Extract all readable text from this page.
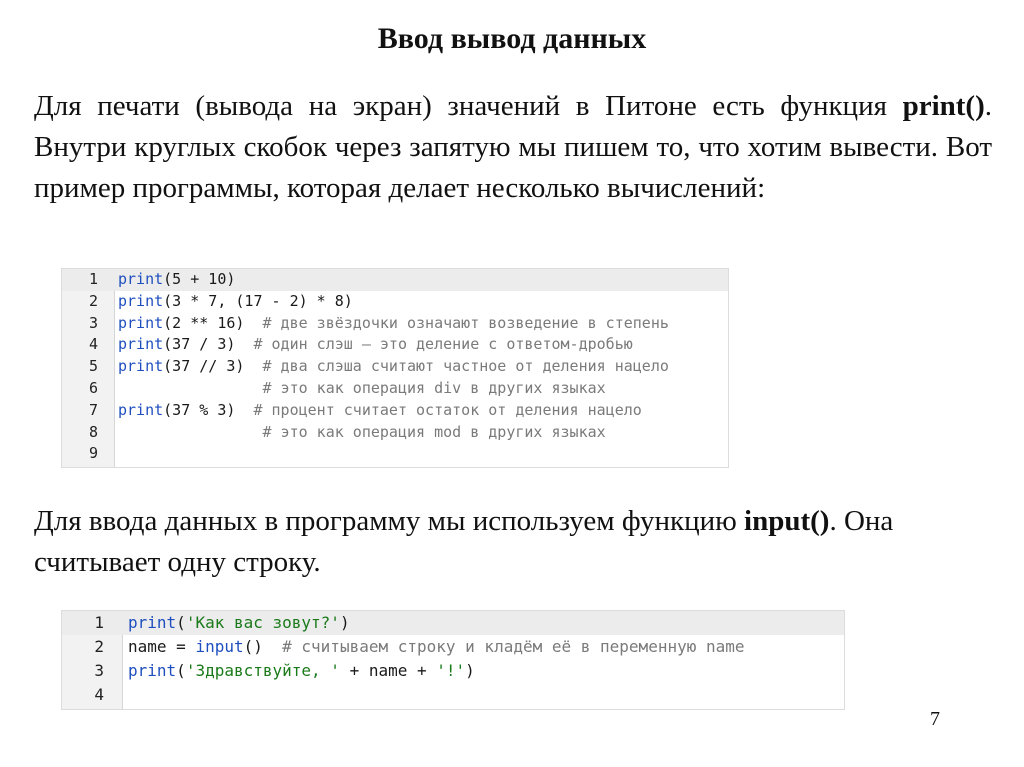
Ввод вывод данных
Для печати (вывода на экран) значений в Питоне есть функция print(). Внутри круглых скобок через запятую мы пишем то, что хотим вывести. Вот пример программы, которая делает несколько вычислений:
1 print(5 + 10)
2 print(3 * 7, (17 - 2) * 8)
3 print(2 ** 16)  # две звёздочки означают возведение в степень
4 print(37 / 3)  # один слэш — это деление с ответом-дробью
5 print(37 // 3)  # два слэша считают частное от деления нацело
6	# это как операция div в других языках
7 print(37 % 3)  # процент считает остаток от деления нацело
8	# это как операция mod в других языках
9
Для ввода данных в программу мы используем функцию input(). Она считывает одну строку.
1 print('Как вас зовут?')
2 name = input()  # считываем строку и кладём её в переменную name
3 print('Здравствуйте, ' + name + '!')
4
7
